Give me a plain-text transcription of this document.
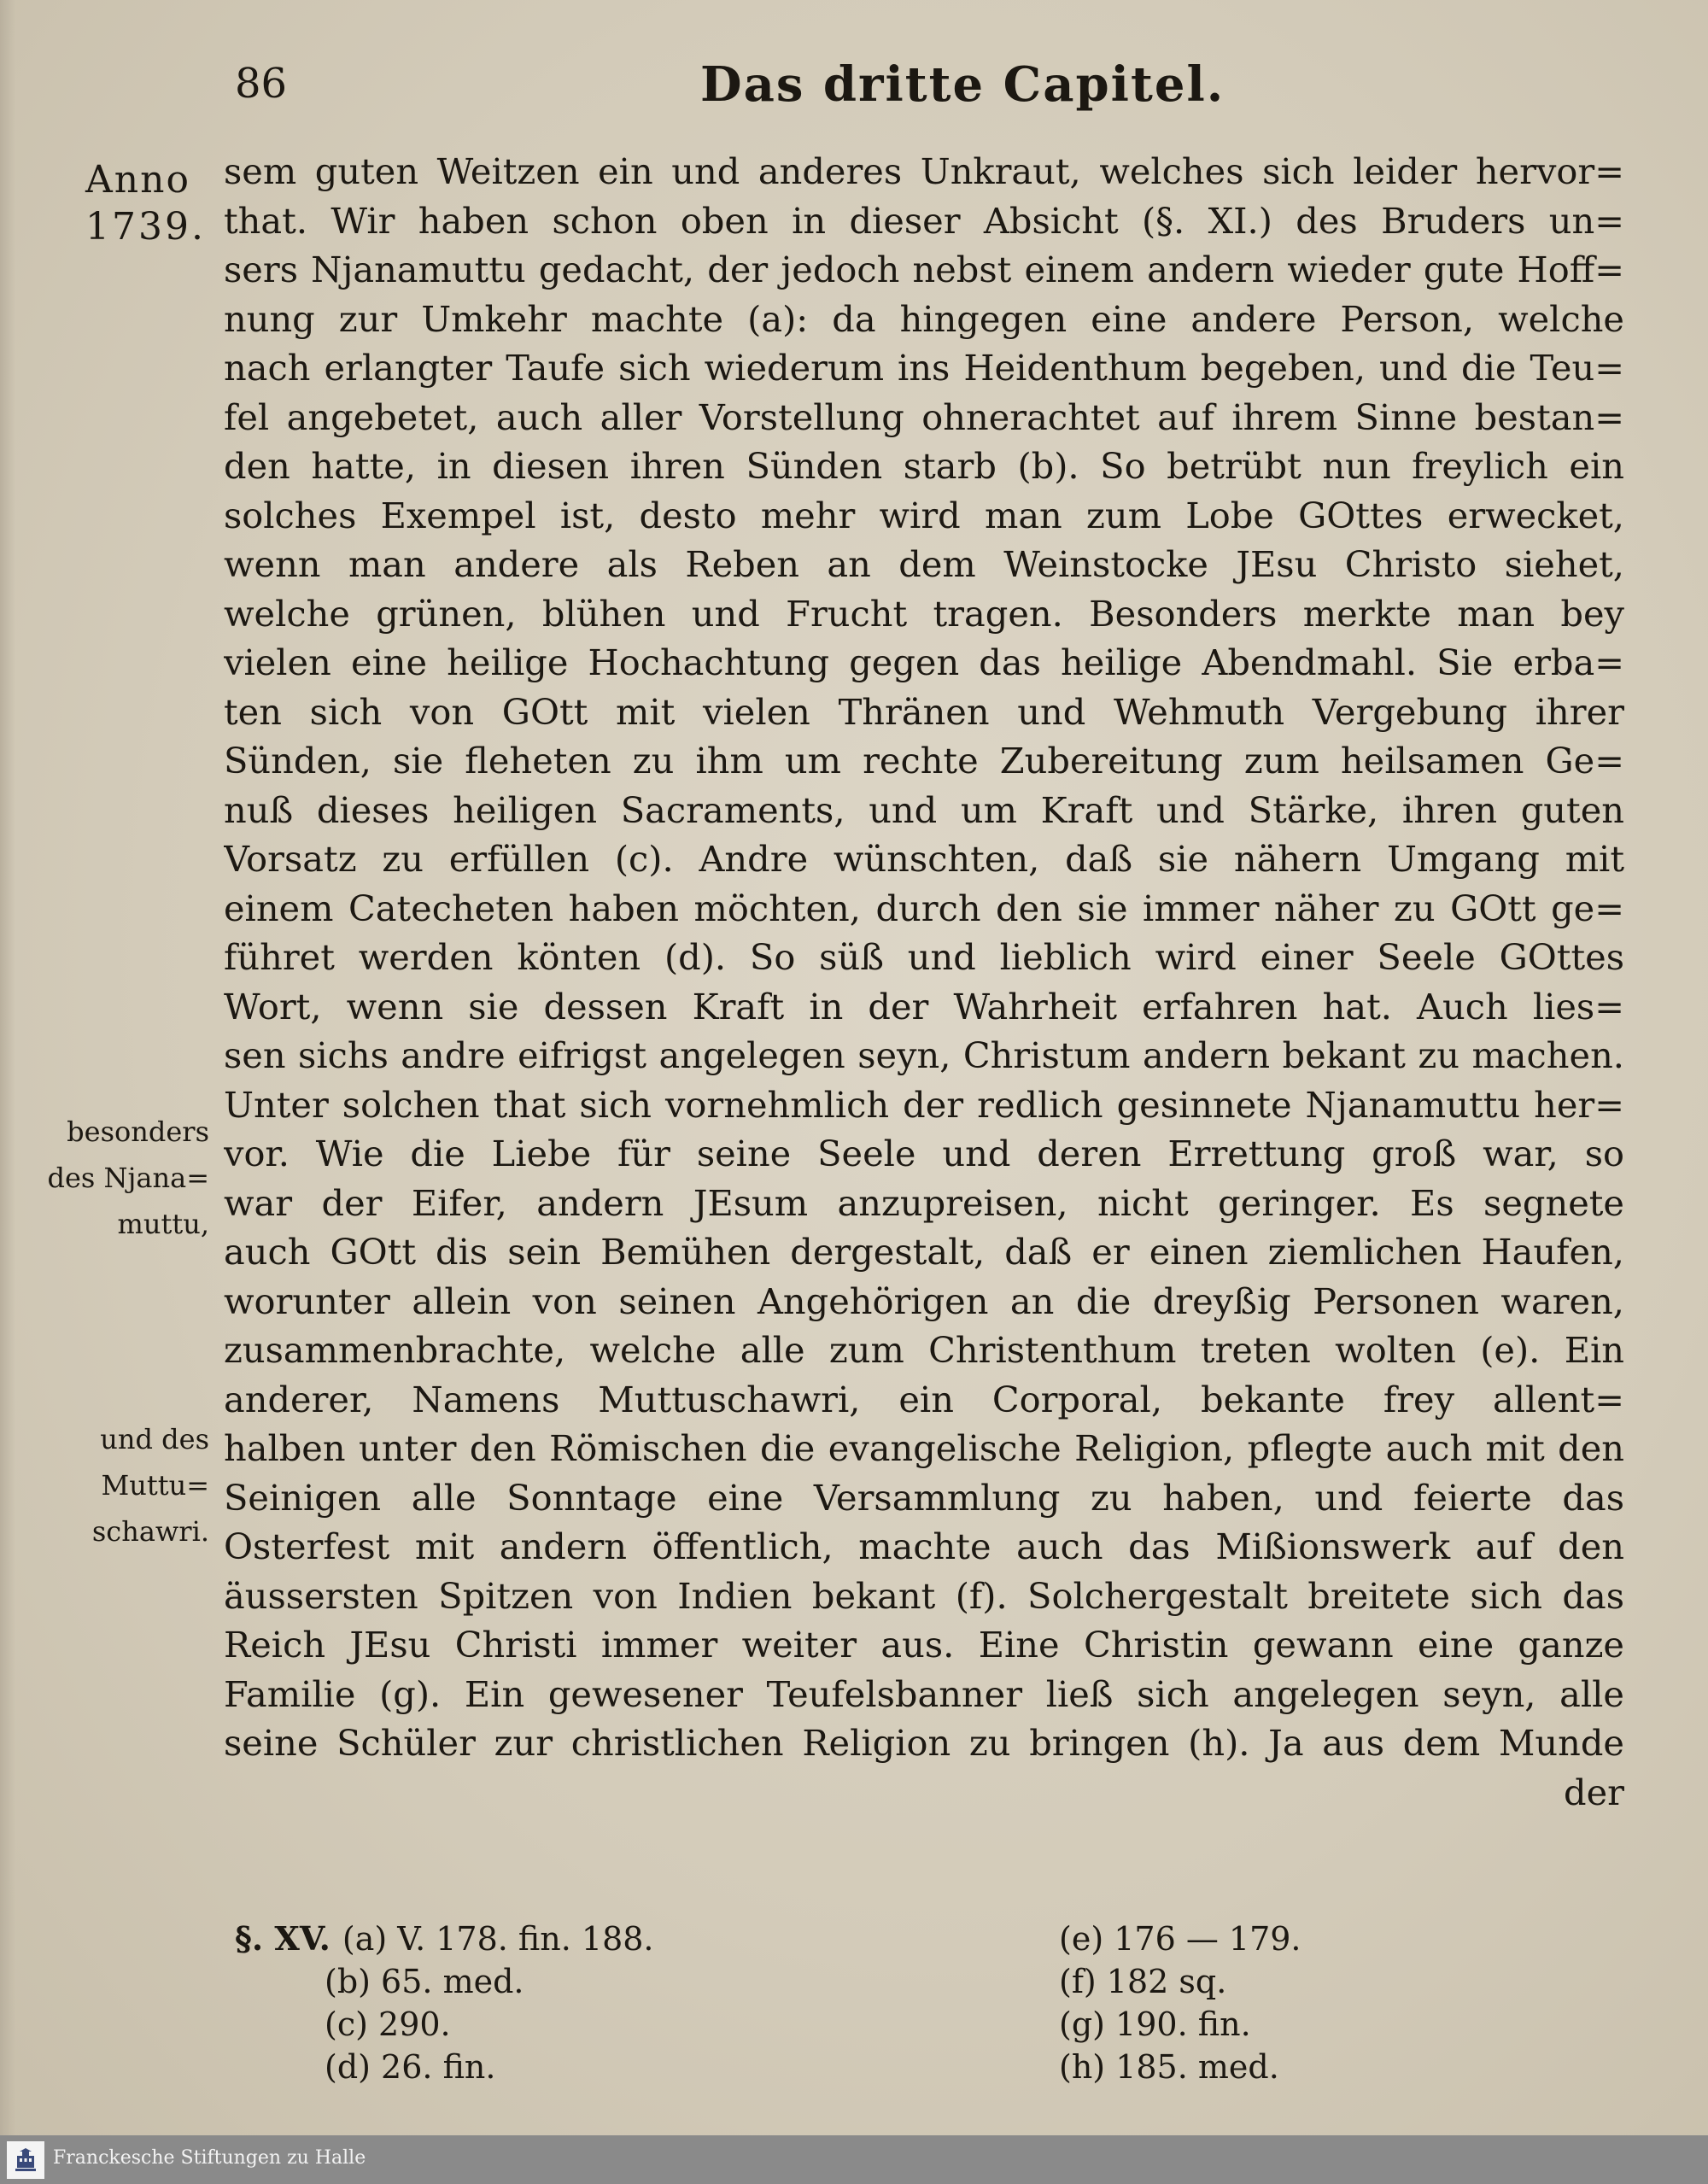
86	Das dritte Capitel.
Anno
1739.
besonders
des Njana=
muttu,
und des
Muttu=
schawri.
sem guten Weitzen ein und anderes Unkraut, welches sich leider hervor=
that. Wir haben schon oben in dieser Absicht (§. XI.) des Bruders un=
sers Njanamuttu gedacht, der jedoch nebst einem andern wieder gute Hoff=
nung zur Umkehr machte (a): da hingegen eine andere Person, welche
nach erlangter Taufe sich wiederum ins Heidenthum begeben, und die Teu=
fel angebetet, auch aller Vorstellung ohnerachtet auf ihrem Sinne bestan=
den hatte, in diesen ihren Sünden starb (b). So betrübt nun freylich ein
solches Exempel ist, desto mehr wird man zum Lobe GOttes erwecket,
wenn man andere als Reben an dem Weinstocke JEsu Christo siehet,
welche grünen, blühen und Frucht tragen. Besonders merkte man bey
vielen eine heilige Hochachtung gegen das heilige Abendmahl. Sie erba=
ten sich von GOtt mit vielen Thränen und Wehmuth Vergebung ihrer
Sünden, sie fleheten zu ihm um rechte Zubereitung zum heilsamen Ge=
nuß dieses heiligen Sacraments, und um Kraft und Stärke, ihren guten
Vorsatz zu erfüllen (c). Andre wünschten, daß sie nähern Umgang mit
einem Catecheten haben möchten, durch den sie immer näher zu GOtt ge=
führet werden könten (d). So süß und lieblich wird einer Seele GOttes
Wort, wenn sie dessen Kraft in der Wahrheit erfahren hat. Auch lies=
sen sichs andre eifrigst angelegen seyn, Christum andern bekant zu machen.
Unter solchen that sich vornehmlich der redlich gesinnete Njanamuttu her=
vor. Wie die Liebe für seine Seele und deren Errettung groß war, so
war der Eifer, andern JEsum anzupreisen, nicht geringer. Es segnete
auch GOtt dis sein Bemühen dergestalt, daß er einen ziemlichen Haufen,
worunter allein von seinen Angehörigen an die dreyßig Personen waren,
zusammenbrachte, welche alle zum Christenthum treten wolten (e). Ein
anderer, Namens Muttuschawri, ein Corporal, bekante frey allent=
halben unter den Römischen die evangelische Religion, pflegte auch mit den
Seinigen alle Sonntage eine Versammlung zu haben, und feierte das
Osterfest mit andern öffentlich, machte auch das Mißionswerk auf den
äussersten Spitzen von Indien bekant (f). Solchergestalt breitete sich das
Reich JEsu Christi immer weiter aus. Eine Christin gewann eine ganze
Familie (g). Ein gewesener Teufelsbanner ließ sich angelegen seyn, alle
seine Schüler zur christlichen Religion zu bringen (h). Ja aus dem Munde
der
§. XV. (a) V. 178. fin. 188.
(b) 65. med.
(c) 290.
(d) 26. fin.
(e) 176 — 179.
(f) 182 sq.
(g) 190. fin.
(h) 185. med.
Franckesche Stiftungen zu Halle
